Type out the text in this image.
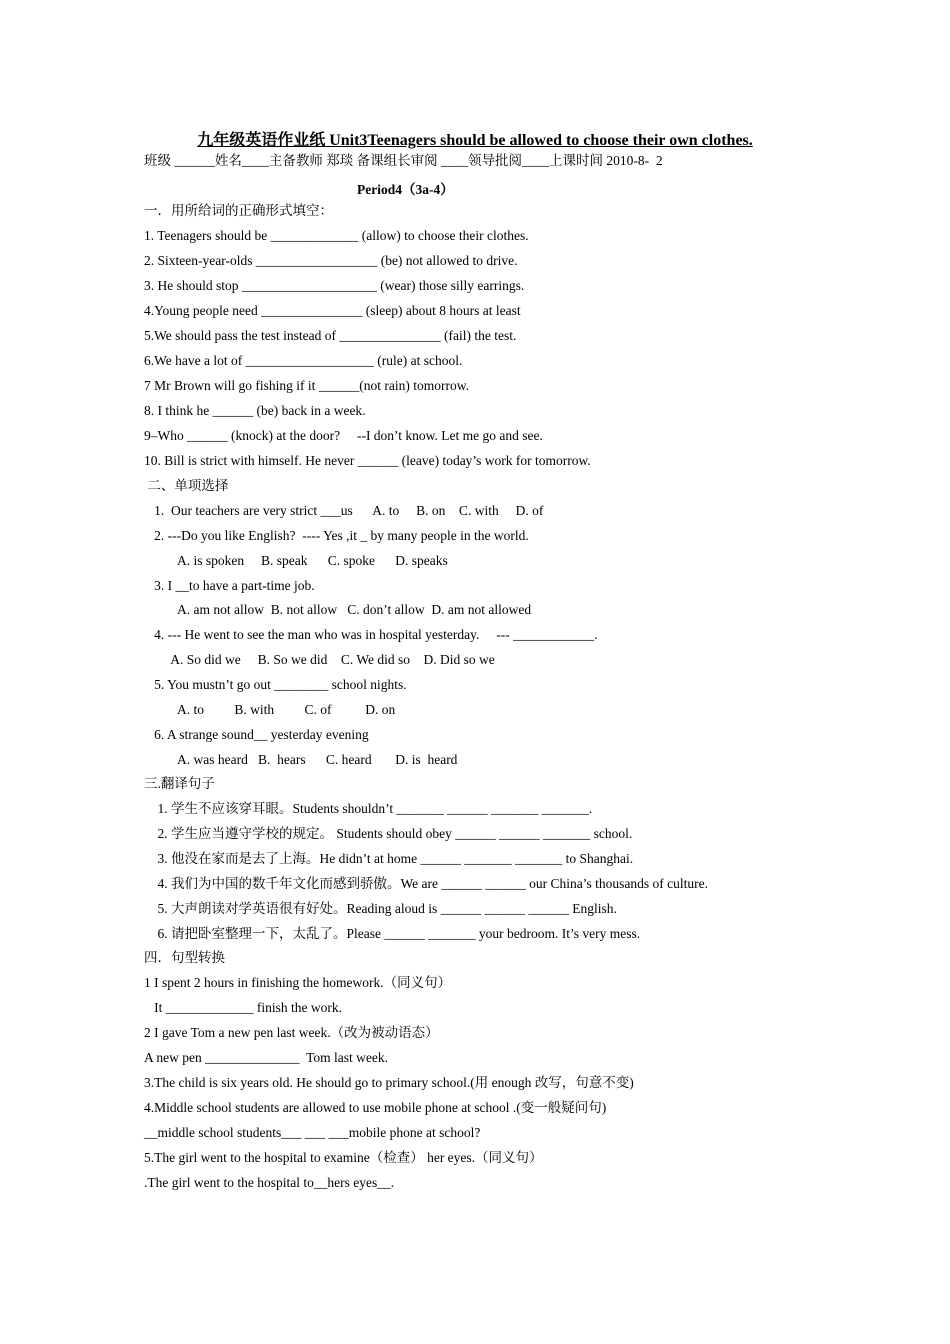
九年级英语作业纸 Unit3Teenagers should be allowed to choose their own clothes.
班级 ______姓名____主备教师 郑琰 备课组长审阅 ____领导批阅____上课时间 2010-8-  2
Period4（3a-4）
一．用所给词的正确形式填空：
1. Teenagers should be _____________ (allow) to choose their clothes.
2. Sixteen-year-olds __________________ (be) not allowed to drive.
3. He should stop ____________________ (wear) those silly earrings.
4.Young people need _______________ (sleep) about 8 hours at least
5.We should pass the test instead of _______________ (fail) the test.
6.We have a lot of ___________________ (rule) at school.
7 Mr Brown will go fishing if it ______(not rain) tomorrow.
8. I think he ______ (be) back in a week.
9–Who ______ (knock) at the door?     --I don’t know. Let me go and see.
10. Bill is strict with himself. He never ______ (leave) today’s work for tomorrow.
二、单项选择
1.  Our teachers are very strict ___us      A. to     B. on    C. with     D. of
2. ---Do you like English?  ---- Yes ,it _ by many people in the world.
A. is spoken     B. speak      C. spoke      D. speaks
3. I __to have a part-time job.
A. am not allow  B. not allow   C. don’t allow  D. am not allowed
4. --- He went to see the man who was in hospital yesterday.     --- ____________.
A. So did we     B. So we did    C. We did so    D. Did so we
5. You mustn’t go out ________ school nights.
A. to         B. with         C. of          D. on
6. A strange sound__ yesterday evening
A. was heard   B.  hears      C. heard       D. is  heard
三.翻译句子
1. 学生不应该穿耳眼。Students shouldn’t _______ ______ _______ _______.
2. 学生应当遵守学校的规定。 Students should obey ______ ______ _______ school.
3. 他没在家而是去了上海。He didn’t at home ______ _______ _______ to Shanghai.
4. 我们为中国的数千年文化而感到骄傲。We are ______ ______ our China’s thousands of culture.
5. 大声朗读对学英语很有好处。Reading aloud is ______ ______ ______ English.
6. 请把卧室整理一下，太乱了。Please ______ _______ your bedroom. It’s very mess.
四．句型转换
1 I spent 2 hours in finishing the homework.（同义句）
It _____________ finish the work.
2 I gave Tom a new pen last week.（改为被动语态）
A new pen ______________  Tom last week.
3.The child is six years old. He should go to primary school.(用 enough 改写，句意不变)
4.Middle school students are allowed to use mobile phone at school .(变一般疑问句)
__middle school students___ ___ ___mobile phone at school?
5.The girl went to the hospital to examine（检查） her eyes.（同义句）
.The girl went to the hospital to__hers eyes__.
